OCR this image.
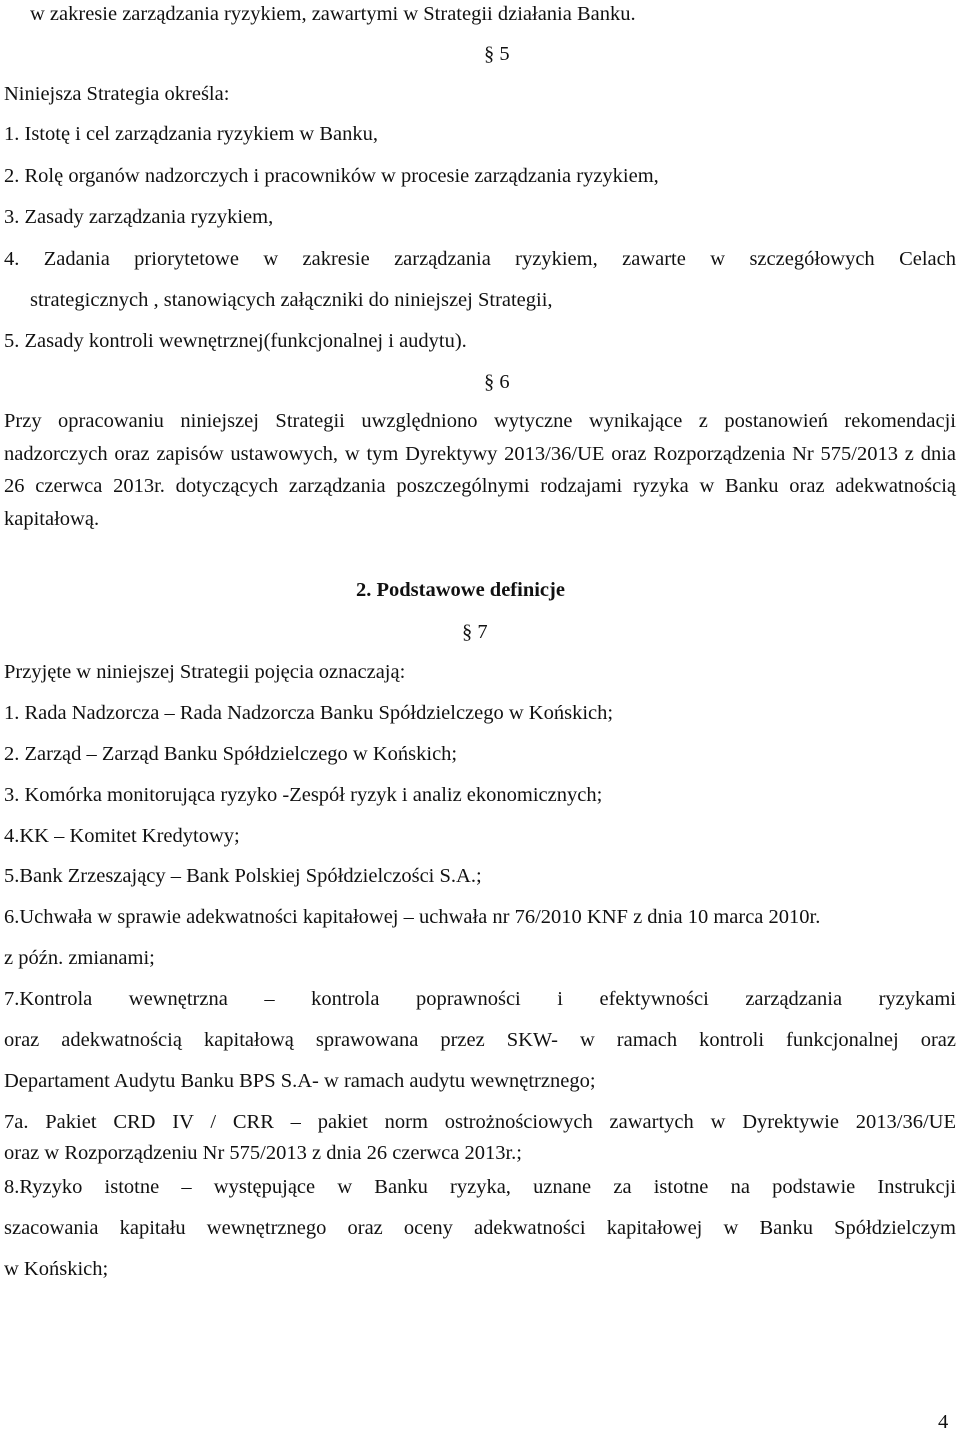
w zakresie zarządzania ryzykiem, zawartymi w Strategii działania Banku.
§ 5
Niniejsza Strategia określa:
1. Istotę i cel zarządzania ryzykiem w Banku,
2. Rolę organów nadzorczych i pracowników w procesie zarządzania ryzykiem,
3. Zasady zarządzania ryzykiem,
4. Zadania priorytetowe w zakresie zarządzania ryzykiem, zawarte w szczegółowych Celach
strategicznych , stanowiących załączniki do niniejszej Strategii,
5. Zasady kontroli wewnętrznej(funkcjonalnej i audytu).
§ 6
Przy opracowaniu niniejszej Strategii uwzględniono wytyczne wynikające z postanowień rekomendacji nadzorczych oraz zapisów ustawowych, w tym Dyrektywy 2013/36/UE oraz Rozporządzenia Nr 575/2013 z dnia 26 czerwca 2013r. dotyczących zarządzania poszczególnymi rodzajami ryzyka w Banku oraz adekwatnością kapitałową.
2. Podstawowe definicje
§ 7
Przyjęte w niniejszej Strategii pojęcia oznaczają:
1. Rada Nadzorcza – Rada Nadzorcza Banku Spółdzielczego w Końskich;
2. Zarząd – Zarząd Banku Spółdzielczego w Końskich;
3. Komórka monitorująca ryzyko -Zespół ryzyk i analiz ekonomicznych;
4.KK – Komitet Kredytowy;
5.Bank Zrzeszający – Bank Polskiej Spółdzielczości S.A.;
6.Uchwała w sprawie adekwatności kapitałowej – uchwała nr 76/2010 KNF z dnia 10 marca 2010r.
z późn. zmianami;
7.Kontrola wewnętrzna – kontrola poprawności i efektywności zarządzania ryzykami
oraz adekwatnością kapitałową sprawowana przez SKW- w ramach kontroli funkcjonalnej oraz
Departament Audytu Banku BPS S.A- w ramach audytu wewnętrznego;
7a. Pakiet CRD IV / CRR – pakiet norm ostrożnościowych zawartych w Dyrektywie 2013/36/UE
oraz w Rozporządzeniu Nr 575/2013 z dnia 26 czerwca 2013r.;
8.Ryzyko istotne – występujące w Banku ryzyka, uznane za istotne na podstawie Instrukcji
szacowania kapitału wewnętrznego oraz oceny adekwatności kapitałowej w Banku Spółdzielczym
w Końskich;
4
